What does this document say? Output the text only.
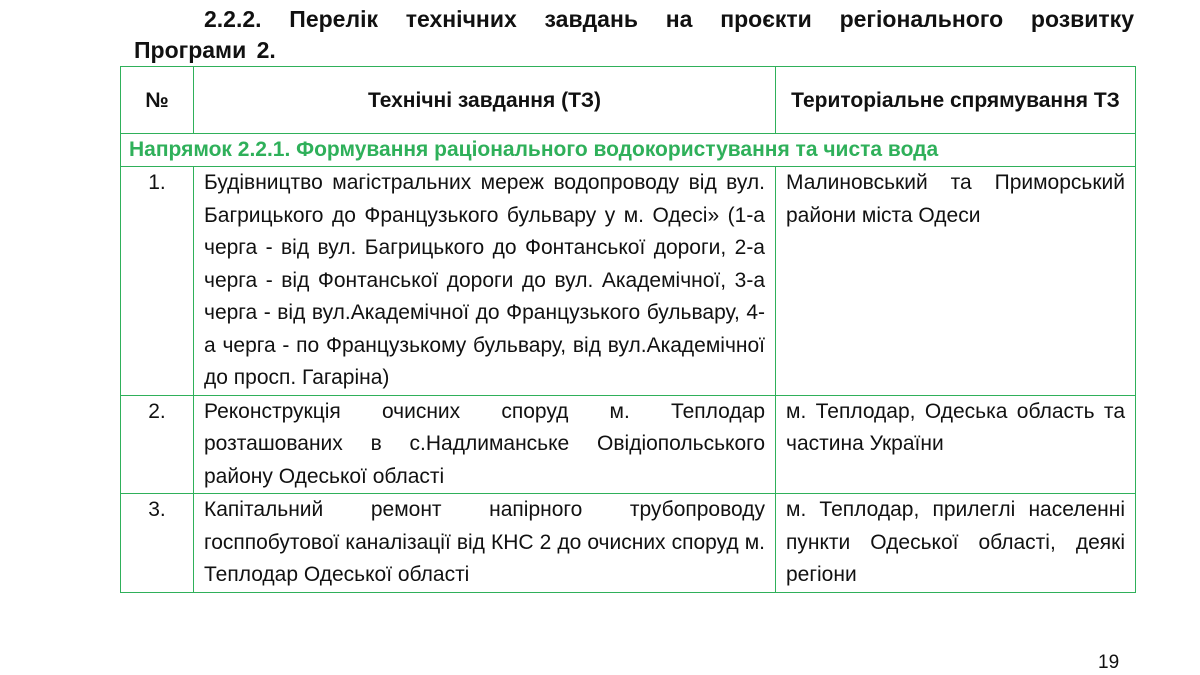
2.2.2. Перелік технічних завдань на проєкти регіонального розвитку Програми 2.
№	Технічні завдання (ТЗ)	Територіальне спрямування ТЗ
Напрямок 2.2.1. Формування раціонального водокористування та чиста вода		
1.	Будівництво магістральних мереж водопроводу від вул. Багрицького до Французького бульвару у м. Одесі» (1-а черга - від вул. Багрицького до Фонтанської дороги, 2-а черга - від Фонтанської дороги до вул. Академічної, 3-а черга - від вул.Академічної до Французького бульвару, 4-а черга - по Французькому бульвару, від вул.Академічної до просп. Гагаріна)	Малиновський та Приморський райони міста Одеси
2.	Реконструкція очисних споруд м. Теплодар розташованих в с.Надлиманське Овідіопольського району Одеської області	м. Теплодар, Одеська область та частина України
3.	Капітальний ремонт напірного трубопроводу госппобутової каналізації від КНС 2 до очисних споруд м. Теплодар Одеської області	м. Теплодар, прилеглі населенні пункти Одеської області, деякі регіони
19
